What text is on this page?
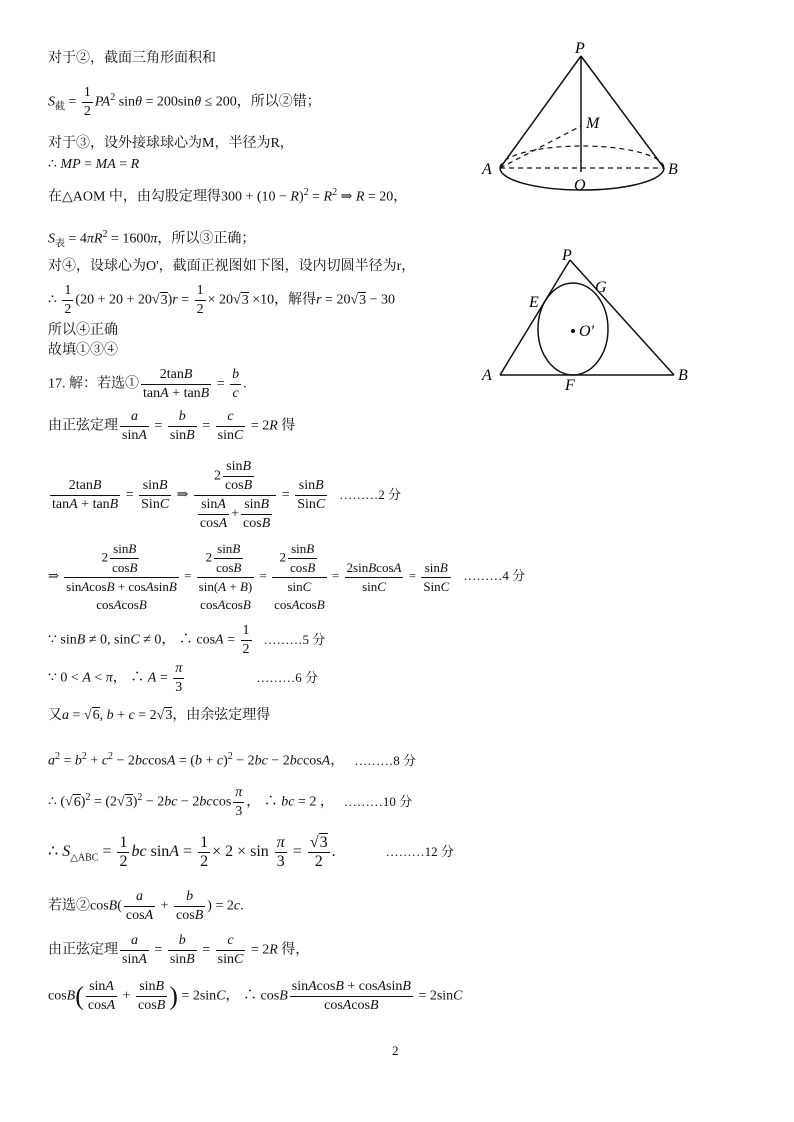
对于②，截面三角形面积和
$S_截 = \frac{1}{2} PA^2$ sinθ = 200sinθ ≤ 200，所以②错；
对于③，设外接球球心为M，半径为R，
∴ MP = MA = R
在△AOM 中，由勾股定理得$300 + (10 - R)^2 = R^2$ ⇒ R = 20，
$S_表 = 4\pi R^2 = 1600\pi$，所以③正确；
对④，设球心为O'，截面正视图如下图，设内切圆半径为r，
∴ $\frac{1}{2} (20 + 20 + 20√3)r = \frac{1}{2} \times 20√3 \times 10$，解得r = 20√3 − 30
所以④正确
故填①③④
17. 解：若选① $\frac{2\tan B}{\tan A + \tan B} = \frac{b}{c}$ .
由正弦定理 $\frac{a}{\sin A} = \frac{b}{\sin B} = \frac{c}{\sin C} = 2R$ 得
$\frac{2\tan B}{\tan A + \tan B}$ =
sinB
SinC
⇒ $\frac{2 \frac{\sin B}{\cos B}}{\frac{\sin A}{\cos A} + \frac{\sin B}{\cos B}}$ =
sinB
SinC
………2 分
⇒
$2 \frac{\sin B}{\cos B}$
sinAcosB + cosAsinB
cosAcosB
=
$2 \frac{\sin B}{\cos B}$
sin(A + B)
cosAcosB
=
$2 \frac{\sin B}{\cos B}$
sinC
cosAcosB
= $\frac{\text{2sinBcosA}}{\sin C}$ =
sinB
SinC
………4 分
∵ sinB ≠ 0, sinC ≠ 0， ∴ $\cos A = \frac{1}{2}$ ………5 分
∵ 0 < A < π， ∴ $A = \frac{\pi}{3}$	………6 分
又a = √6, b + c = 2√3，由余弦定理得
$a^2 = b^2 + c^2 - 2bccosA = (b + c)^2 - 2bc - 2bccosA$， ………8 分
∴ $(√6)^2 = (2√3)^2 - 2bc - 2bccos \frac{\pi}{3}$ ， ∴ bc = 2 ， ………10 分
∴ $S_{\triangle ABC} = \frac{1}{2}$ bc $\sin A = \frac{1}{2} \times 2 \times \sin \frac{\pi}{3} = \frac{√3}{2}$ .	………12 分
若选②cosB( $\frac{a}{\cos A} + \frac{b}{\cos B}$ ) = 2c.
由正弦定理 $\frac{a}{\sin A} = \frac{b}{\sin B} = \frac{c}{\sin C} = 2R$ 得，
$\cos B( \frac{\sin A}{\cos A} + \frac{\sin B}{\cos B}$ ) = 2sinC， ∴ cosB $\frac{\text{sinAcosB + cosAsinB}}{\text{cosAcosB}} = 2\sin C$
P
M
A
O
B
P
E
G
O'
A
F
B
2
